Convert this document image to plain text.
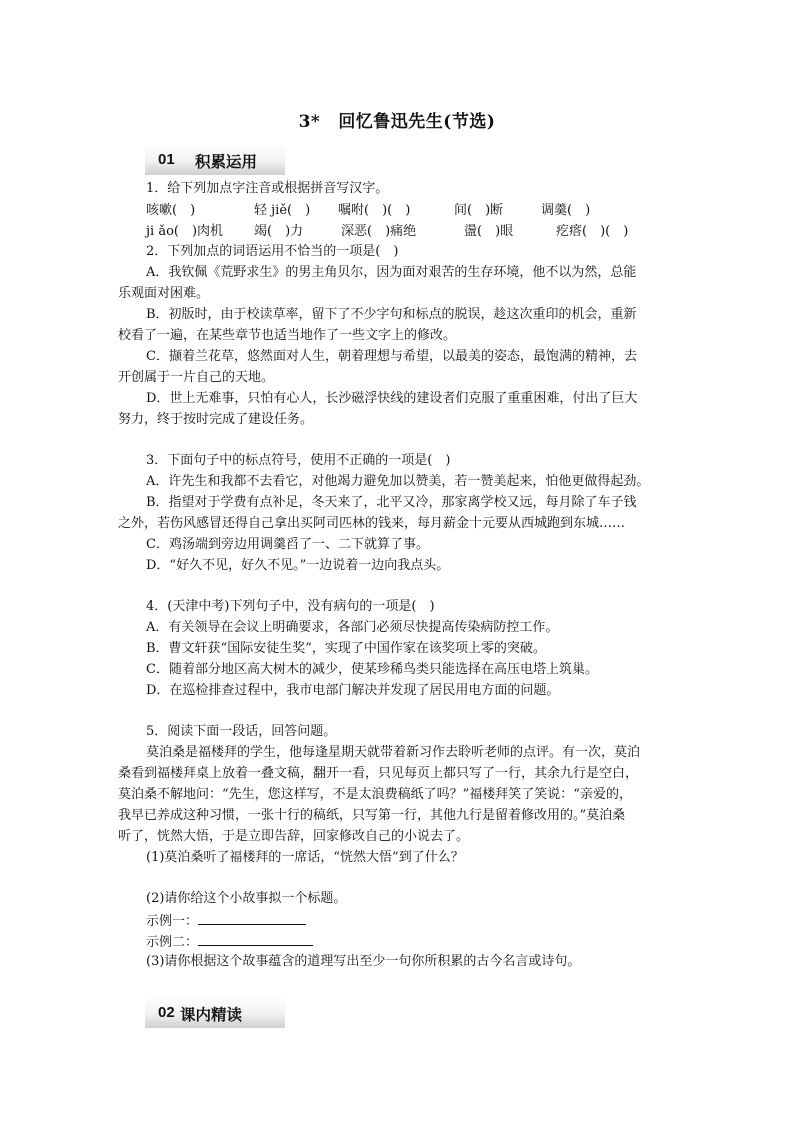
3* 回忆鲁迅先生(节选)
01 积累运用
1．给下列加点字注音或根据拼音写汉字。
咳嗽(　)	轻 jiě(　) 嘱咐(　)(　)	间(　)断	调羹(　)
ji ǎo(　)肉机 竭(　)力	深恶(　)痛绝	盪(　)眼	疙瘩(　)(　)
2．下列加点的词语运用不恰当的一项是(　)
A．我钦佩《荒野求生》的男主角贝尔，因为面对艰苦的生存环境，他不以为然，总能
乐观面对困难。
B．初版时，由于校读草率，留下了不少字句和标点的脱误，趁这次重印的机会，重新
校看了一遍，在某些章节也适当地作了一些文字上的修改。
C．撷着兰花草，悠然面对人生，朝着理想与希望，以最美的姿态，最饱满的精神，去
开创属于一片自己的天地。
D．世上无难事，只怕有心人，长沙磁浮快线的建设者们克服了重重困难，付出了巨大
努力，终于按时完成了建设任务。
3．下面句子中的标点符号，使用不正确的一项是(　)
A．许先生和我都不去看它，对他竭力避免加以赞美，若一赞美起来，怕他更做得起劲。
B．指望对于学费有点补足，冬天来了，北平又冷，那家离学校又远，每月除了车子钱
之外，若伤风感冒还得自己拿出买阿司匹林的钱来，每月薪金十元要从西城跑到东城……
C．鸡汤端到旁边用调羹舀了一、二下就算了事。
D．“好久不见，好久不见。”一边说着一边向我点头。
4．(天津中考)下列句子中，没有病句的一项是(　)
A．有关领导在会议上明确要求，各部门必须尽快提高传染病防控工作。
B．曹文轩获“国际安徒生奖”，实现了中国作家在该奖项上零的突破。
C．随着部分地区高大树木的减少，使某珍稀鸟类只能选择在高压电塔上筑巢。
D．在巡检排查过程中，我市电部门解决并发现了居民用电方面的问题。
5．阅读下面一段话，回答问题。
莫泊桑是福楼拜的学生，他每逢星期天就带着新习作去聆听老师的点评。有一次，莫泊
桑看到福楼拜桌上放着一叠文稿，翻开一看，只见每页上都只写了一行，其余九行是空白，
莫泊桑不解地问：“先生，您这样写，不是太浪费稿纸了吗？”福楼拜笑了笑说：“亲爱的，
我早已养成这种习惯，一张十行的稿纸，只写第一行，其他九行是留着修改用的。”莫泊桑
听了，恍然大悟，于是立即告辞，回家修改自己的小说去了。
(1)莫泊桑听了福楼拜的一席话，“恍然大悟”到了什么？
(2)请你给这个小故事拟一个标题。
示例一：
示例二：
(3)请你根据这个故事蕴含的道理写出至少一句你所积累的古今名言或诗句。
02 课内精读
